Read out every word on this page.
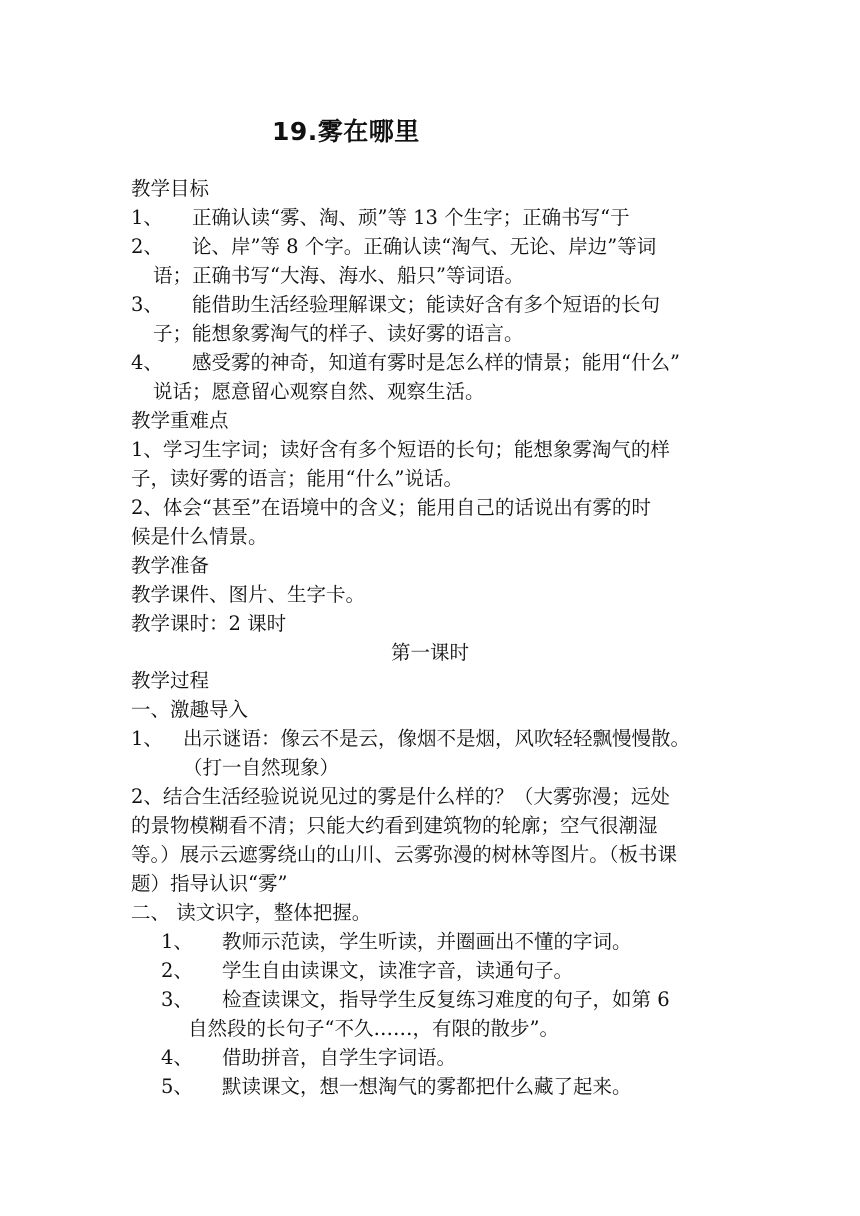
19.雾在哪里
教学目标
1、 正确认读“雾、淘、顽”等 13 个生字；正确书写“于
2、 论、岸”等 8 个字。正确认读“淘气、无论、岸边”等词
语；正确书写“大海、海水、船只”等词语。
3、 能借助生活经验理解课文；能读好含有多个短语的长句
子；能想象雾淘气的样子、读好雾的语言。
4、 感受雾的神奇，知道有雾时是怎么样的情景；能用“什么”
说话；愿意留心观察自然、观察生活。
教学重难点
1、学习生字词；读好含有多个短语的长句；能想象雾淘气的样
子，读好雾的语言；能用“什么”说话。
2、体会“甚至”在语境中的含义；能用自己的话说出有雾的时
候是什么情景。
教学准备
教学课件、图片、生字卡。
教学课时：2 课时
第一课时
教学过程
一、激趣导入
1、 出示谜语：像云不是云，像烟不是烟，风吹轻轻飘慢慢散。
（打一自然现象）
2、结合生活经验说说见过的雾是什么样的？（大雾弥漫；远处
的景物模糊看不清；只能大约看到建筑物的轮廓；空气很潮湿
等。）展示云遮雾绕山的山川、云雾弥漫的树林等图片。（板书课
题）指导认识“雾”
二、 读文识字，整体把握。
1、 教师示范读，学生听读，并圈画出不懂的字词。
2、 学生自由读课文，读准字音，读通句子。
3、 检查读课文，指导学生反复练习难度的句子，如第 6
自然段的长句子“不久……，有限的散步”。
4、 借助拼音，自学生字词语。
5、 默读课文，想一想淘气的雾都把什么藏了起来。
